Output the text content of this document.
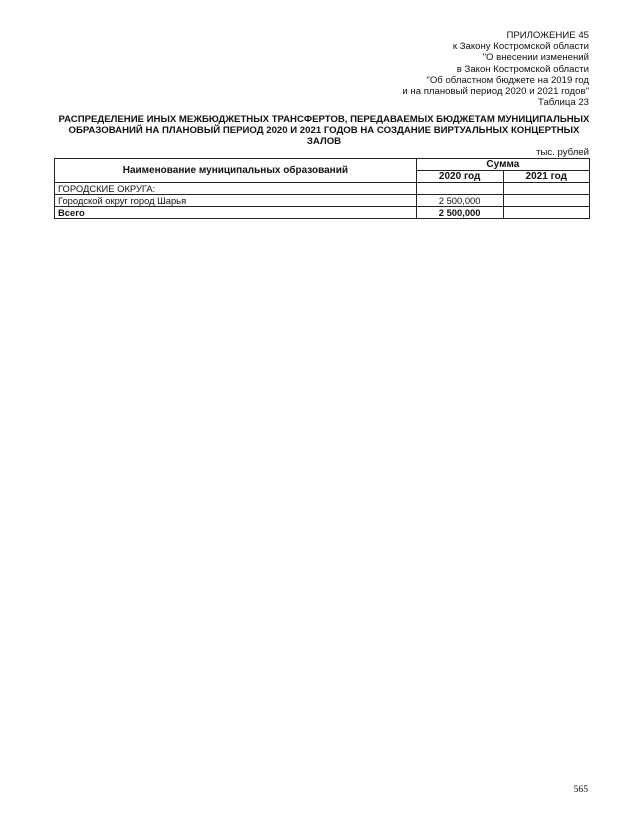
ПРИЛОЖЕНИЕ 45
к Закону Костромской области
"О внесении изменений
в Закон Костромской области
"Об областном бюджете на 2019 год
и на плановый период 2020 и 2021 годов"
Таблица 23
РАСПРЕДЕЛЕНИЕ ИНЫХ МЕЖБЮДЖЕТНЫХ ТРАНСФЕРТОВ, ПЕРЕДАВАЕМЫХ БЮДЖЕТАМ МУНИЦИПАЛЬНЫХ
ОБРАЗОВАНИЙ НА ПЛАНОВЫЙ ПЕРИОД 2020 И 2021 ГОДОВ НА СОЗДАНИЕ ВИРТУАЛЬНЫХ КОНЦЕРТНЫХ
ЗАЛОВ
тыс. рублей
Наименование муниципальных образований	Сумма	
	2020 год	2021 год
ГОРОДСКИЕ ОКРУГА:		
Городской округ город Шарья	2 500,000	
Всего	2 500,000	
565
